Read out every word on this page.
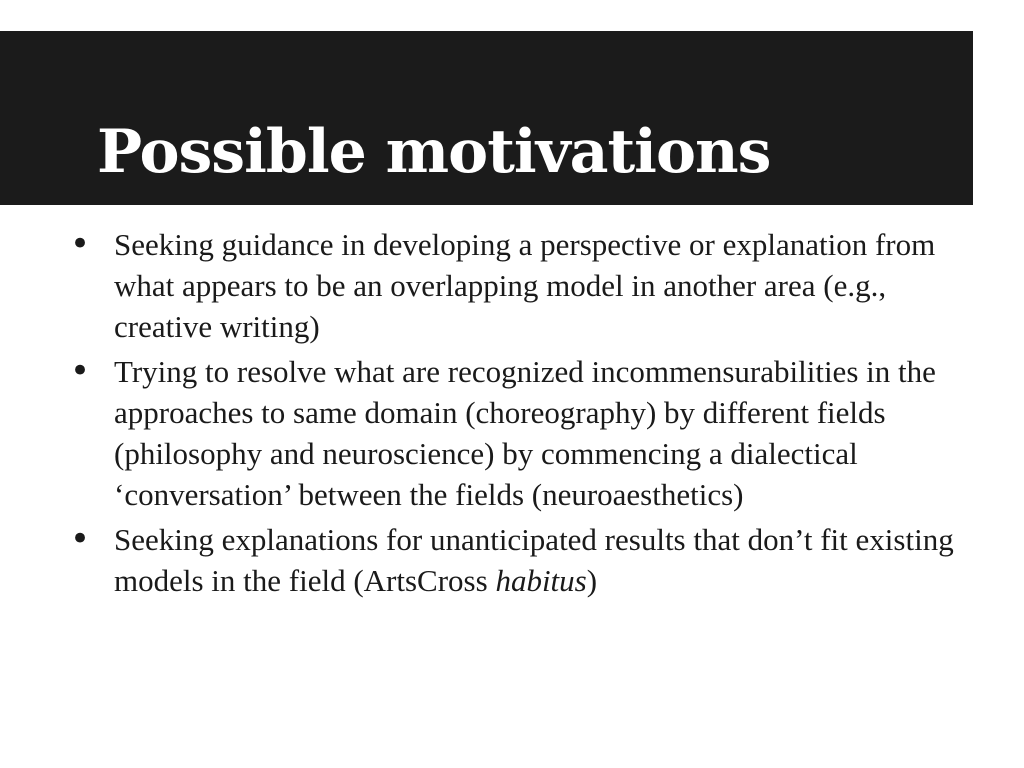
Possible motivations
• Seeking guidance in developing a perspective or explanation from what appears to be an overlapping model in another area (e.g., creative writing)
• Trying to resolve what are recognized incommensurabilities in the approaches to same domain (choreography) by different fields (philosophy and neuroscience) by commencing a dialectical ‘conversation’ between the fields (neuroaesthetics)
• Seeking explanations for unanticipated results that don’t fit existing models in the field (ArtsCross habitus)
